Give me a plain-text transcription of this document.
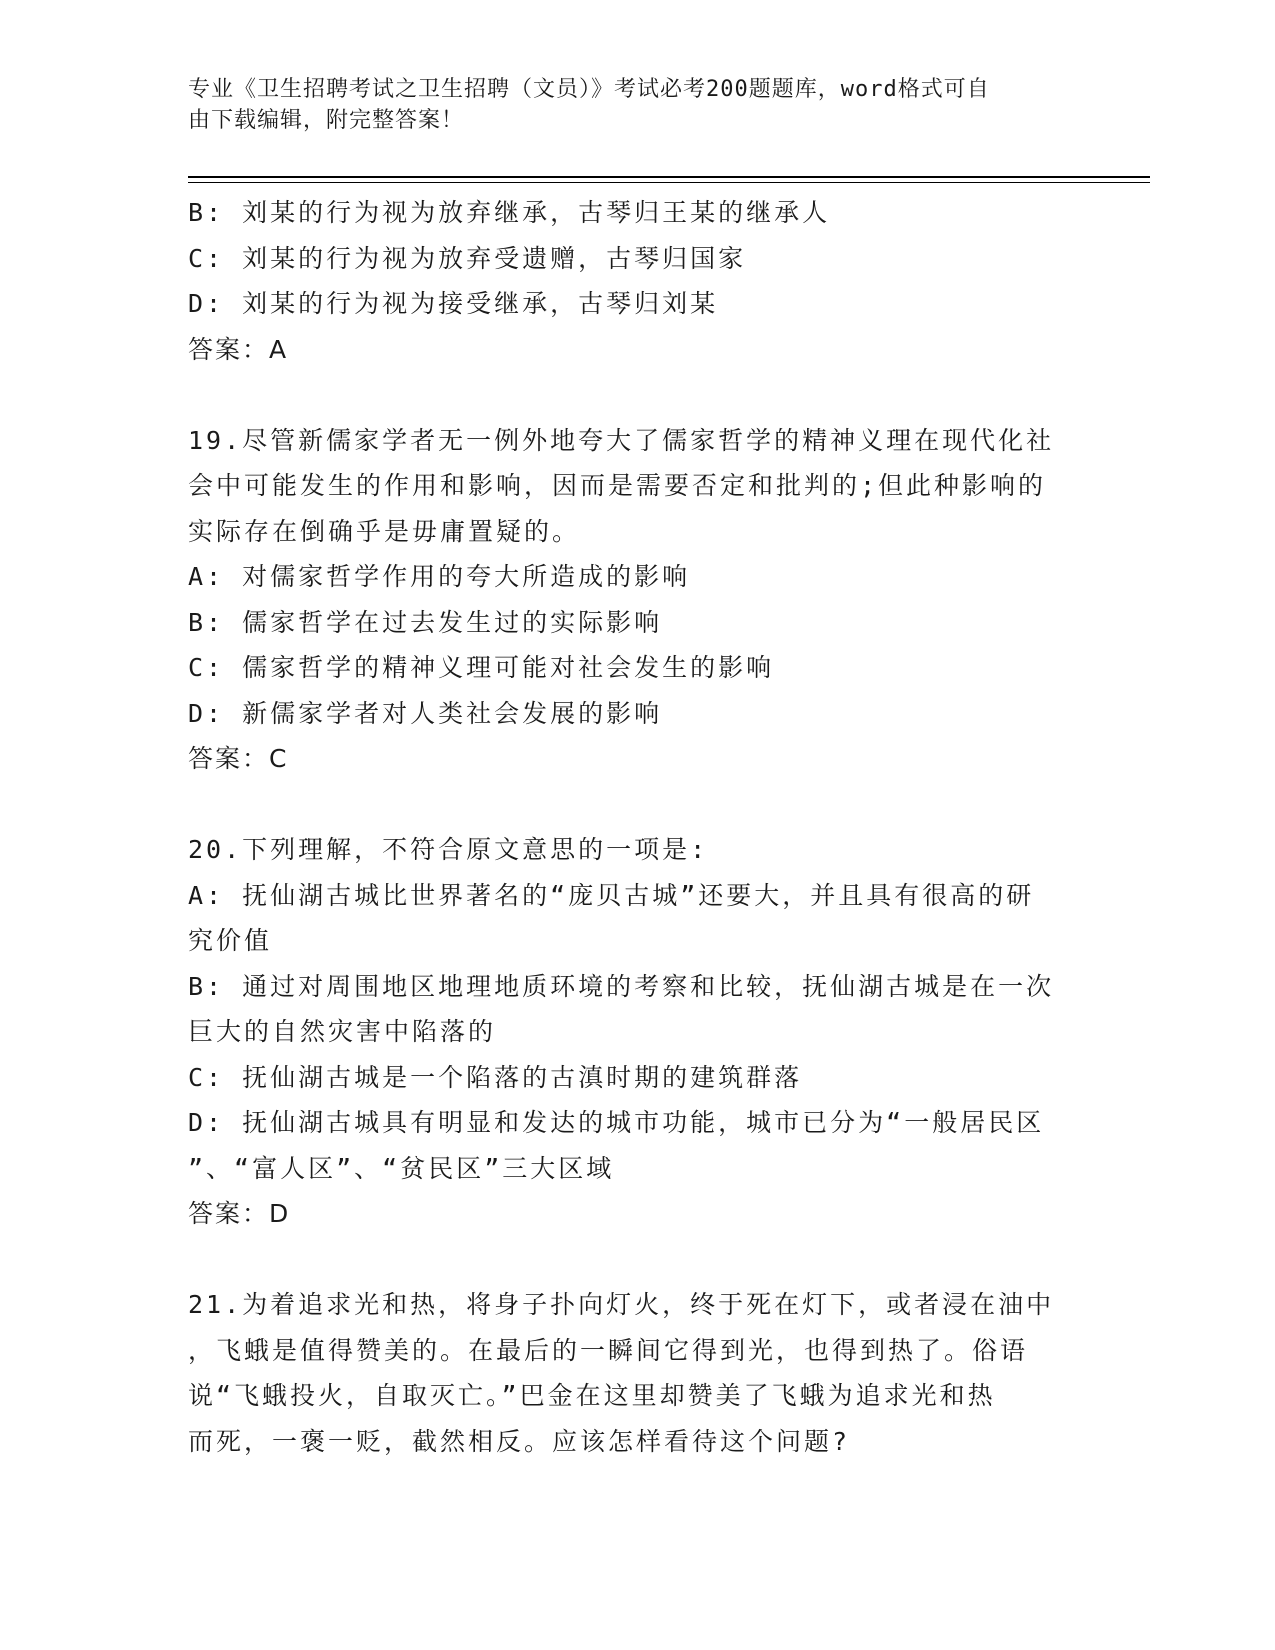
专业《卫生招聘考试之卫生招聘（文员）》考试必考200题题库，word格式可自

由下载编辑，附完整答案！

B: 刘某的行为视为放弃继承，古琴归王某的继承人

C: 刘某的行为视为放弃受遗赠，古琴归国家

D: 刘某的行为视为接受继承，古琴归刘某

答案：A

19.尽管新儒家学者无一例外地夸大了儒家哲学的精神义理在现代化社

会中可能发生的作用和影响，因而是需要否定和批判的;但此种影响的

实际存在倒确乎是毋庸置疑的。

A: 对儒家哲学作用的夸大所造成的影响

B: 儒家哲学在过去发生过的实际影响

C: 儒家哲学的精神义理可能对社会发生的影响

D: 新儒家学者对人类社会发展的影响

答案：C

20.下列理解，不符合原文意思的一项是:

A: 抚仙湖古城比世界著名的“庞贝古城”还要大，并且具有很高的研

究价值

B: 通过对周围地区地理地质环境的考察和比较，抚仙湖古城是在一次

巨大的自然灾害中陷落的

C: 抚仙湖古城是一个陷落的古滇时期的建筑群落

D: 抚仙湖古城具有明显和发达的城市功能，城市已分为“一般居民区

”、“富人区”、“贫民区”三大区域

答案：D

21.为着追求光和热，将身子扑向灯火，终于死在灯下，或者浸在油中

，飞蛾是值得赞美的。在最后的一瞬间它得到光，也得到热了。俗语

说“飞蛾投火，自取灭亡。”巴金在这里却赞美了飞蛾为追求光和热

而死，一褒一贬，截然相反。应该怎样看待这个问题?
